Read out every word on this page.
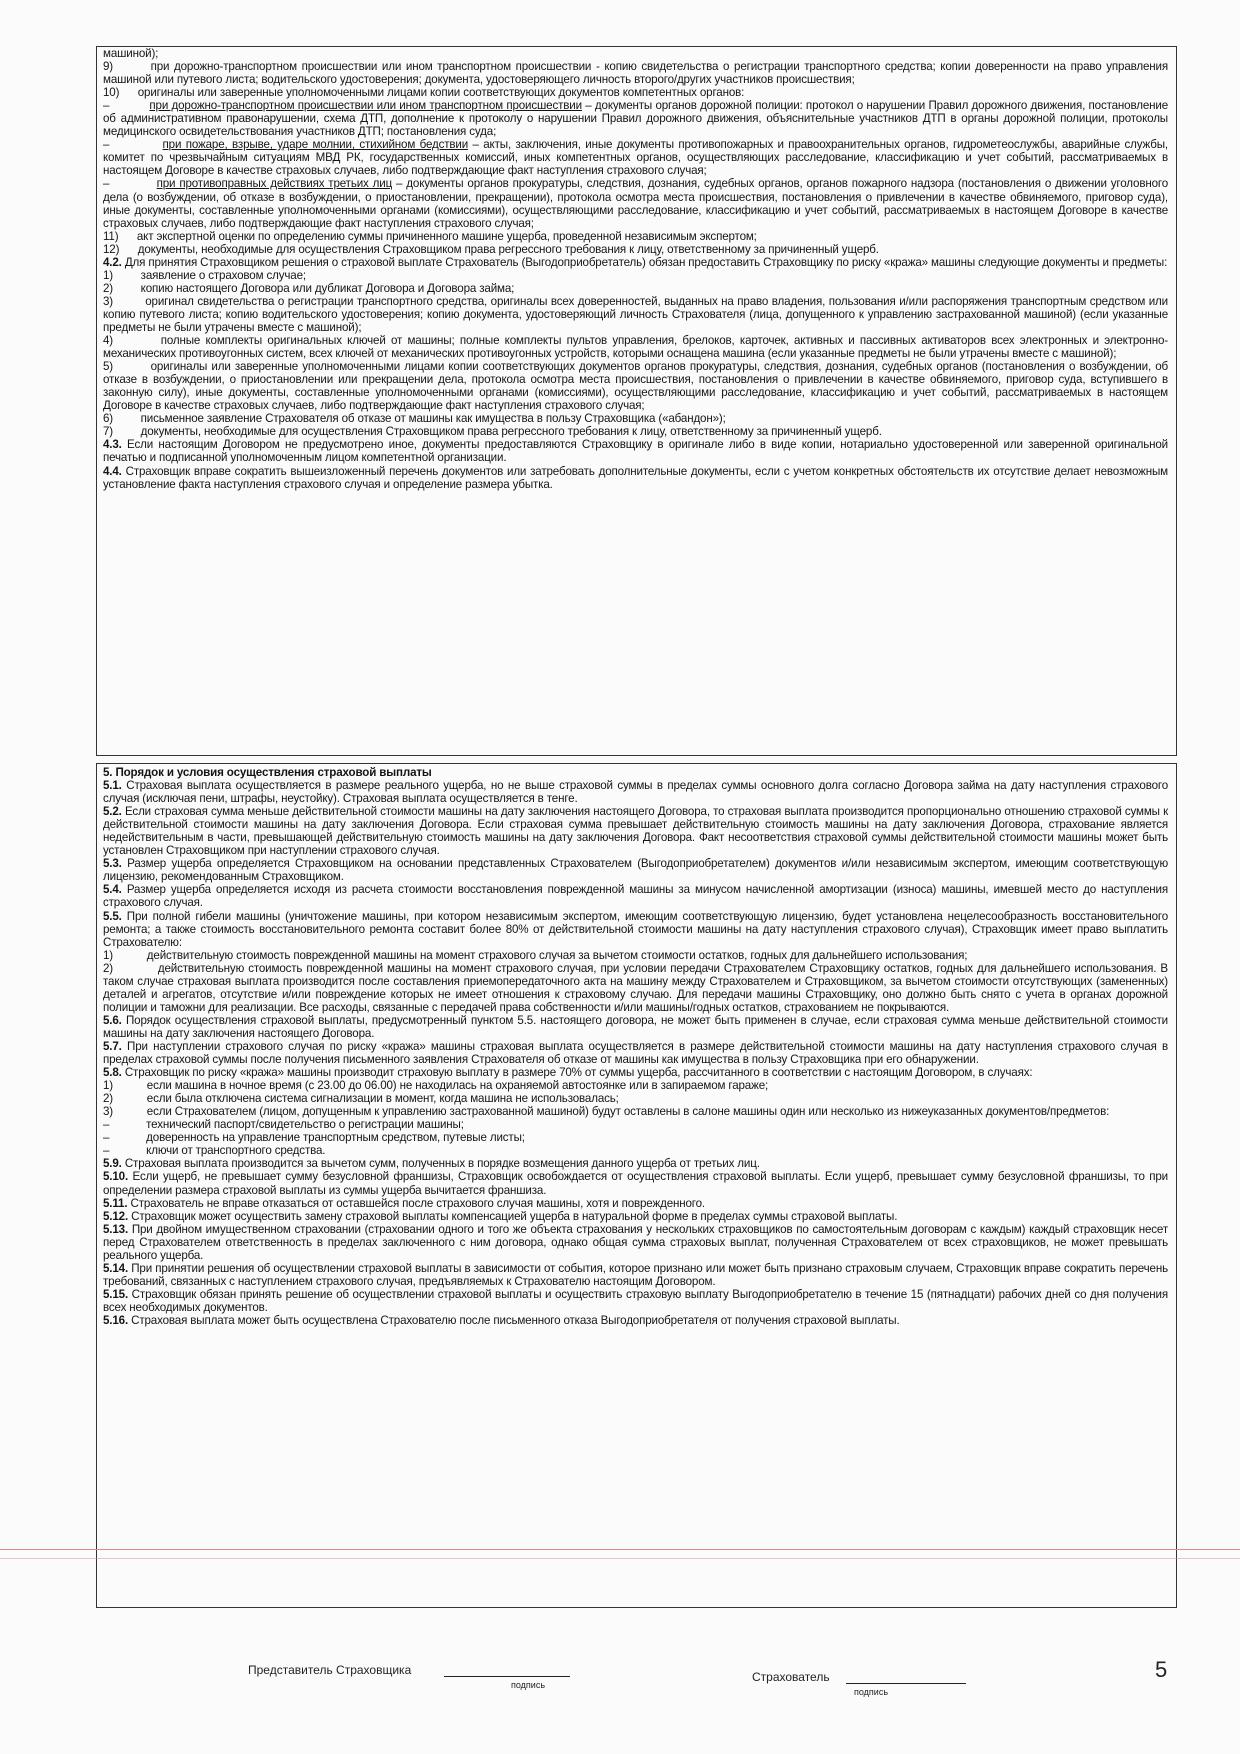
машиной);

9)        при дорожно-транспортном происшествии или ином транспортном происшествии - копию свидетельства о регистрации транспортного средства; копии доверенности на право управления машиной или путевого листа; водительского удостоверения; документа, удостоверяющего личность второго/других участников происшествия;

10)      оригиналы или заверенные уполномоченными лицами копии соответствующих документов компетентных органов:

–            при дорожно-транспортном происшествии или ином транспортном происшествии – документы органов дорожной полиции: протокол о нарушении Правил дорожного движения, постановление об административном правонарушении, схема ДТП, дополнение к протоколу о нарушении Правил дорожного движения, объяснительные участников ДТП в органы дорожной полиции, протоколы медицинского освидетельствования участников ДТП; постановления суда;

–            при пожаре, взрыве, ударе молнии, стихийном бедствии – акты, заключения, иные документы противопожарных и правоохранительных органов, гидрометеослужбы, аварийные службы, комитет по чрезвычайным ситуациям МВД РК, государственных комиссий, иных компетентных органов, осуществляющих расследование, классификацию и учет событий, рассматриваемых в настоящем Договоре в качестве страховых случаев, либо подтверждающие факт наступления страхового случая;

–            при противоправных действиях третьих лиц – документы органов прокуратуры, следствия, дознания, судебных органов, органов пожарного надзора (постановления о движении уголовного дела (о возбуждении, об отказе в возбуждении, о приостановлении, прекращении), протокола осмотра места происшествия, постановления о привлечении в качестве обвиняемого, приговор суда), иные документы, составленные уполномоченными органами (комиссиями), осуществляющими расследование, классификацию и учет событий, рассматриваемых в настоящем Договоре в качестве страховых случаев, либо подтверждающие факт наступления страхового случая;

11)      акт экспертной оценки по определению суммы причиненного машине ущерба, проведенной независимым экспертом;

12)      документы, необходимые для осуществления Страховщиком права регрессного требования к лицу, ответственному за причиненный ущерб.

4.2. Для принятия Страховщиком решения о страховой выплате Страхователь (Выгодоприобретатель) обязан предоставить Страховщику по риску «кража» машины следующие документы и предметы:

1)         заявление о страховом случае;

2)         копию настоящего Договора или дубликат Договора и Договора займа;

3)         оригинал свидетельства о регистрации транспортного средства, оригиналы всех доверенностей, выданных на право владения, пользования и/или распоряжения транспортным средством или копию путевого листа; копию водительского удостоверения; копию документа, удостоверяющий личность Страхователя (лица, допущенного к управлению застрахованной машиной) (если указанные предметы не были утрачены вместе с машиной);

4)         полные комплекты оригинальных ключей от машины; полные комплекты пультов управления, брелоков, карточек, активных и пассивных активаторов всех электронных и электронно-механических противоугонных систем, всех ключей от механических противоугонных устройств, которыми оснащена машина (если указанные предметы не были утрачены вместе с машиной);

5)         оригиналы или заверенные уполномоченными лицами копии соответствующих документов органов прокуратуры, следствия, дознания, судебных органов (постановления о возбуждении, об отказе в возбуждении, о приостановлении или прекращении дела, протокола осмотра места происшествия, постановления о привлечении в качестве обвиняемого, приговор суда, вступившего в законную силу), иные документы, составленные уполномоченными органами (комиссиями), осуществляющими расследование, классификацию и учет событий, рассматриваемых в настоящем Договоре в качестве страховых случаев, либо подтверждающие факт наступления страхового случая;

6)         письменное заявление Страхователя об отказе от машины как имущества в пользу Страховщика («абандон»);

7)         документы, необходимые для осуществления Страховщиком права регрессного требования к лицу, ответственному за причиненный ущерб.

4.3. Если настоящим Договором не предусмотрено иное, документы предоставляются Страховщику в оригинале либо в виде копии, нотариально удостоверенной или заверенной оригинальной печатью и подписанной уполномоченным лицом компетентной организации.

4.4. Страховщик вправе сократить вышеизложенный перечень документов или затребовать дополнительные документы, если с учетом конкретных обстоятельств их отсутствие делает невозможным установление факта наступления страхового случая и определение размера убытка.

5. Порядок и условия осуществления страховой выплаты

5.1. Страховая выплата осуществляется в размере реального ущерба, но не выше страховой суммы в пределах суммы основного долга согласно Договора займа на дату наступления страхового случая (исключая пени, штрафы, неустойку). Страховая выплата осуществляется в тенге.

5.2. Если страховая сумма меньше действительной стоимости машины на дату заключения настоящего Договора, то страховая выплата производится пропорционально отношению страховой суммы к действительной стоимости машины на дату заключения Договора. Если страховая сумма превышает действительную стоимость машины на дату заключения Договора, страхование является недействительным в части, превышающей действительную стоимость машины на дату заключения Договора. Факт несоответствия страховой суммы действительной стоимости машины может быть установлен Страховщиком при наступлении страхового случая.

5.3. Размер ущерба определяется Страховщиком на основании представленных Страхователем (Выгодоприобретателем) документов и/или независимым экспертом, имеющим соответствующую лицензию, рекомендованным Страховщиком.

5.4. Размер ущерба определяется исходя из расчета стоимости восстановления поврежденной машины за минусом начисленной амортизации (износа) машины, имевшей место до наступления страхового случая.

5.5. При полной гибели машины (уничтожение машины, при котором независимым экспертом, имеющим соответствующую лицензию, будет установлена нецелесообразность восстановительного ремонта; а также стоимость восстановительного ремонта составит более 80% от действительной стоимости машины на дату наступления страхового случая), Страховщик имеет право выплатить Страхователю:

1)           действительную стоимость поврежденной машины на момент страхового случая за вычетом стоимости остатков, годных для дальнейшего использования;

2)           действительную стоимость поврежденной машины на момент страхового случая, при условии передачи Страхователем Страховщику остатков, годных для дальнейшего использования. В таком случае страховая выплата производится после составления приемопередаточного акта на машину между Страхователем и Страховщиком, за вычетом стоимости отсутствующих (замененных) деталей и агрегатов, отсутствие и/или повреждение которых не имеет отношения к страховому случаю. Для передачи машины Страховщику, оно должно быть снято с учета в органах дорожной полиции и таможни для реализации. Все расходы, связанные с передачей права собственности и/или машины/годных остатков, страхованием не покрываются.

5.6. Порядок осуществления страховой выплаты, предусмотренный пунктом 5.5. настоящего договора, не может быть применен в случае, если страховая сумма меньше действительной стоимости машины на дату заключения настоящего Договора.

5.7. При наступлении страхового случая по риску «кража» машины страховая выплата осуществляется в размере действительной стоимости машины на дату наступления страхового случая в пределах страховой суммы после получения письменного заявления Страхователя об отказе от машины как имущества в пользу Страховщика при его обнаружении.

5.8. Страховщик по риску «кража» машины производит страховую выплату в размере 70% от суммы ущерба, рассчитанного в соответствии с настоящим Договором, в случаях:

1)           если машина в ночное время (с 23.00 до 06.00) не находилась на охраняемой автостоянке или в запираемом гараже;

2)           если была отключена система сигнализации в момент, когда машина не использовалась;

3)           если Страхователем (лицом, допущенным к управлению застрахованной машиной) будут оставлены в салоне машины один или несколько из нижеуказанных документов/предметов:

–            технический паспорт/свидетельство о регистрации машины;

–            доверенность на управление транспортным средством, путевые листы;

–            ключи от транспортного средства.

5.9. Страховая выплата производится за вычетом сумм, полученных в порядке возмещения данного ущерба от третьих лиц.

5.10. Если ущерб, не превышает сумму безусловной франшизы, Страховщик освобождается от осуществления страховой выплаты. Если ущерб, превышает сумму безусловной франшизы, то при определении размера страховой выплаты из суммы ущерба вычитается франшиза.

5.11. Страхователь не вправе отказаться от оставшейся после страхового случая машины, хотя и поврежденного.

5.12. Страховщик может осуществить замену страховой выплаты компенсацией ущерба в натуральной форме в пределах суммы страховой выплаты.

5.13. При двойном имущественном страховании (страховании одного и того же объекта страхования у нескольких страховщиков по самостоятельным договорам с каждым) каждый страховщик несет перед Страхователем ответственность в пределах заключенного с ним договора, однако общая сумма страховых выплат, полученная Страхователем от всех страховщиков, не может превышать реального ущерба.

5.14. При принятии решения об осуществлении страховой выплаты в зависимости от события, которое признано или может быть признано страховым случаем, Страховщик вправе сократить перечень требований, связанных с наступлением страхового случая, предъявляемых к Страхователю настоящим Договором.

5.15. Страховщик обязан принять решение об осуществлении страховой выплаты и осуществить страховую выплату Выгодоприобретателю в течение 15 (пятнадцати) рабочих дней со дня получения всех необходимых документов.

5.16. Страховая выплата может быть осуществлена Страхователю после письменного отказа Выгодоприобретателя от получения страховой выплаты.

Представитель Страховщика
подпись
Страхователь
подпись
5
